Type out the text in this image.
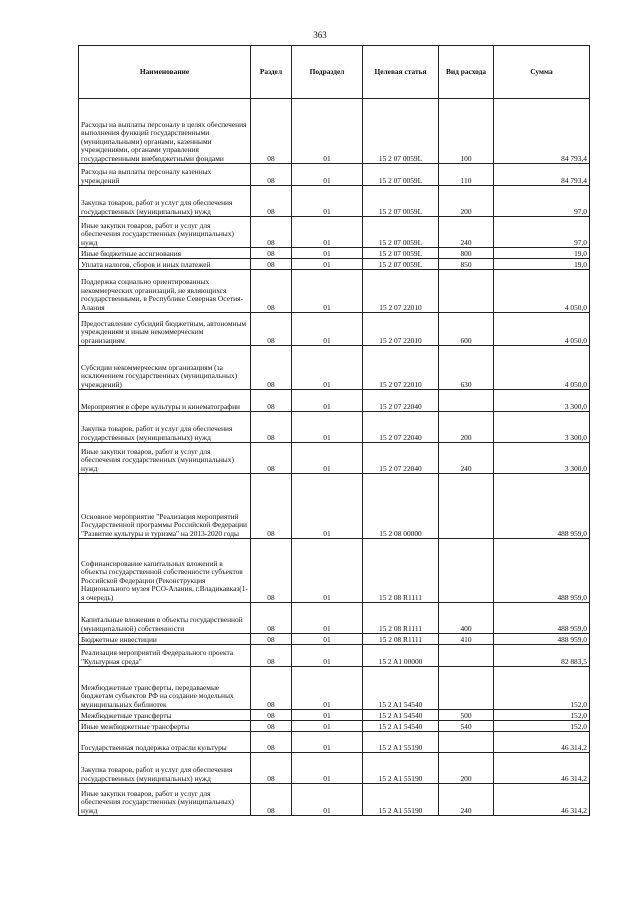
363
Наименование	Раздел	Подраздел	Целевая статья	Вид расхода	Сумма
Расходы на выплаты персоналу в целях обеспечения выполнения функций государственными (муниципальными) органами, казенными учреждениями, органами управления государственными внебюджетными фондами	08	01	15 2 07 0059L	100	84 793,4
Расходы на выплаты персоналу казенных учреждений	08	01	15 2 07 0059L	110	84 793,4
Закупка товаров, работ и услуг для обеспечения государственных (муниципальных) нужд	08	01	15 2 07 0059L	200	97,0
Иные закупки товаров, работ и услуг для обеспечения государственных (муниципальных) нужд	08	01	15 2 07 0059L	240	97,0
Иные бюджетные ассигнования	08	01	15 2 07 0059L	800	19,0
Уплата налогов, сборов и иных платежей	08	01	15 2 07 0059L	850	19,0
Поддержка социально ориентированных некоммерческих организаций, не являющихся государственными, в Республике Северная Осетия-Алания	08	01	15 2 07 22010		4 050,0
Предоставление субсидий бюджетным, автономным учреждениям и иным некоммерческим организациям	08	01	15 2 07 22010	600	4 050,0
Субсидии некоммерческим организациям (за исключением государственных (муниципальных) учреждений)	08	01	15 2 07 22010	630	4 050,0
Мероприятия в сфере культуры и кинематографии	08	01	15 2 07 22040		3 300,0
Закупка товаров, работ и услуг для обеспечения государственных (муниципальных) нужд	08	01	15 2 07 22040	200	3 300,0
Иные закупки товаров, работ и услуг для обеспечения государственных (муниципальных) нужд	08	01	15 2 07 22040	240	3 300,0
Основное мероприятие "Реализация мероприятий Государственной программы Российской Федерации "Развитие культуры и туризма" на 2013-2020 годы	08	01	15 2 08 00000		488 959,0
Софинансирование капитальных вложений в объекты государственной собственности субъектов Российской Федерации (Реконструкция Национального музея РСО-Алания, г.Владикавказ(1-я очередь)	08	01	15 2 08 R1111		488 959,0
Капитальные вложения в объекты государственной (муниципальной) собственности	08	01	15 2 08 R1111	400	488 959,0
Бюджетные инвестиции	08	01	15 2 08 R1111	410	488 959,0
Реализация мероприятий Федерального проекта "Культурная среда"	08	01	15 2 A1 00000		82 883,5
Межбюджетные трансферты, передаваемые бюджетам субъектов РФ на создание модельных муниципальных библиотек	08	01	15 2 A1 54540		152,0
Межбюджетные трансферты	08	01	15 2 A1 54540	500	152,0
Иные межбюджетные трансферты	08	01	15 2 A1 54540	540	152,0
Государственная поддержка отрасли культуры	08	01	15 2 A1 55190		46 314,2
Закупка товаров, работ и услуг для обеспечения государственных (муниципальных) нужд	08	01	15 2 A1 55190	200	46 314,2
Иные закупки товаров, работ и услуг для обеспечения государственных (муниципальных) нужд	08	01	15 2 A1 55190	240	46 314,2
